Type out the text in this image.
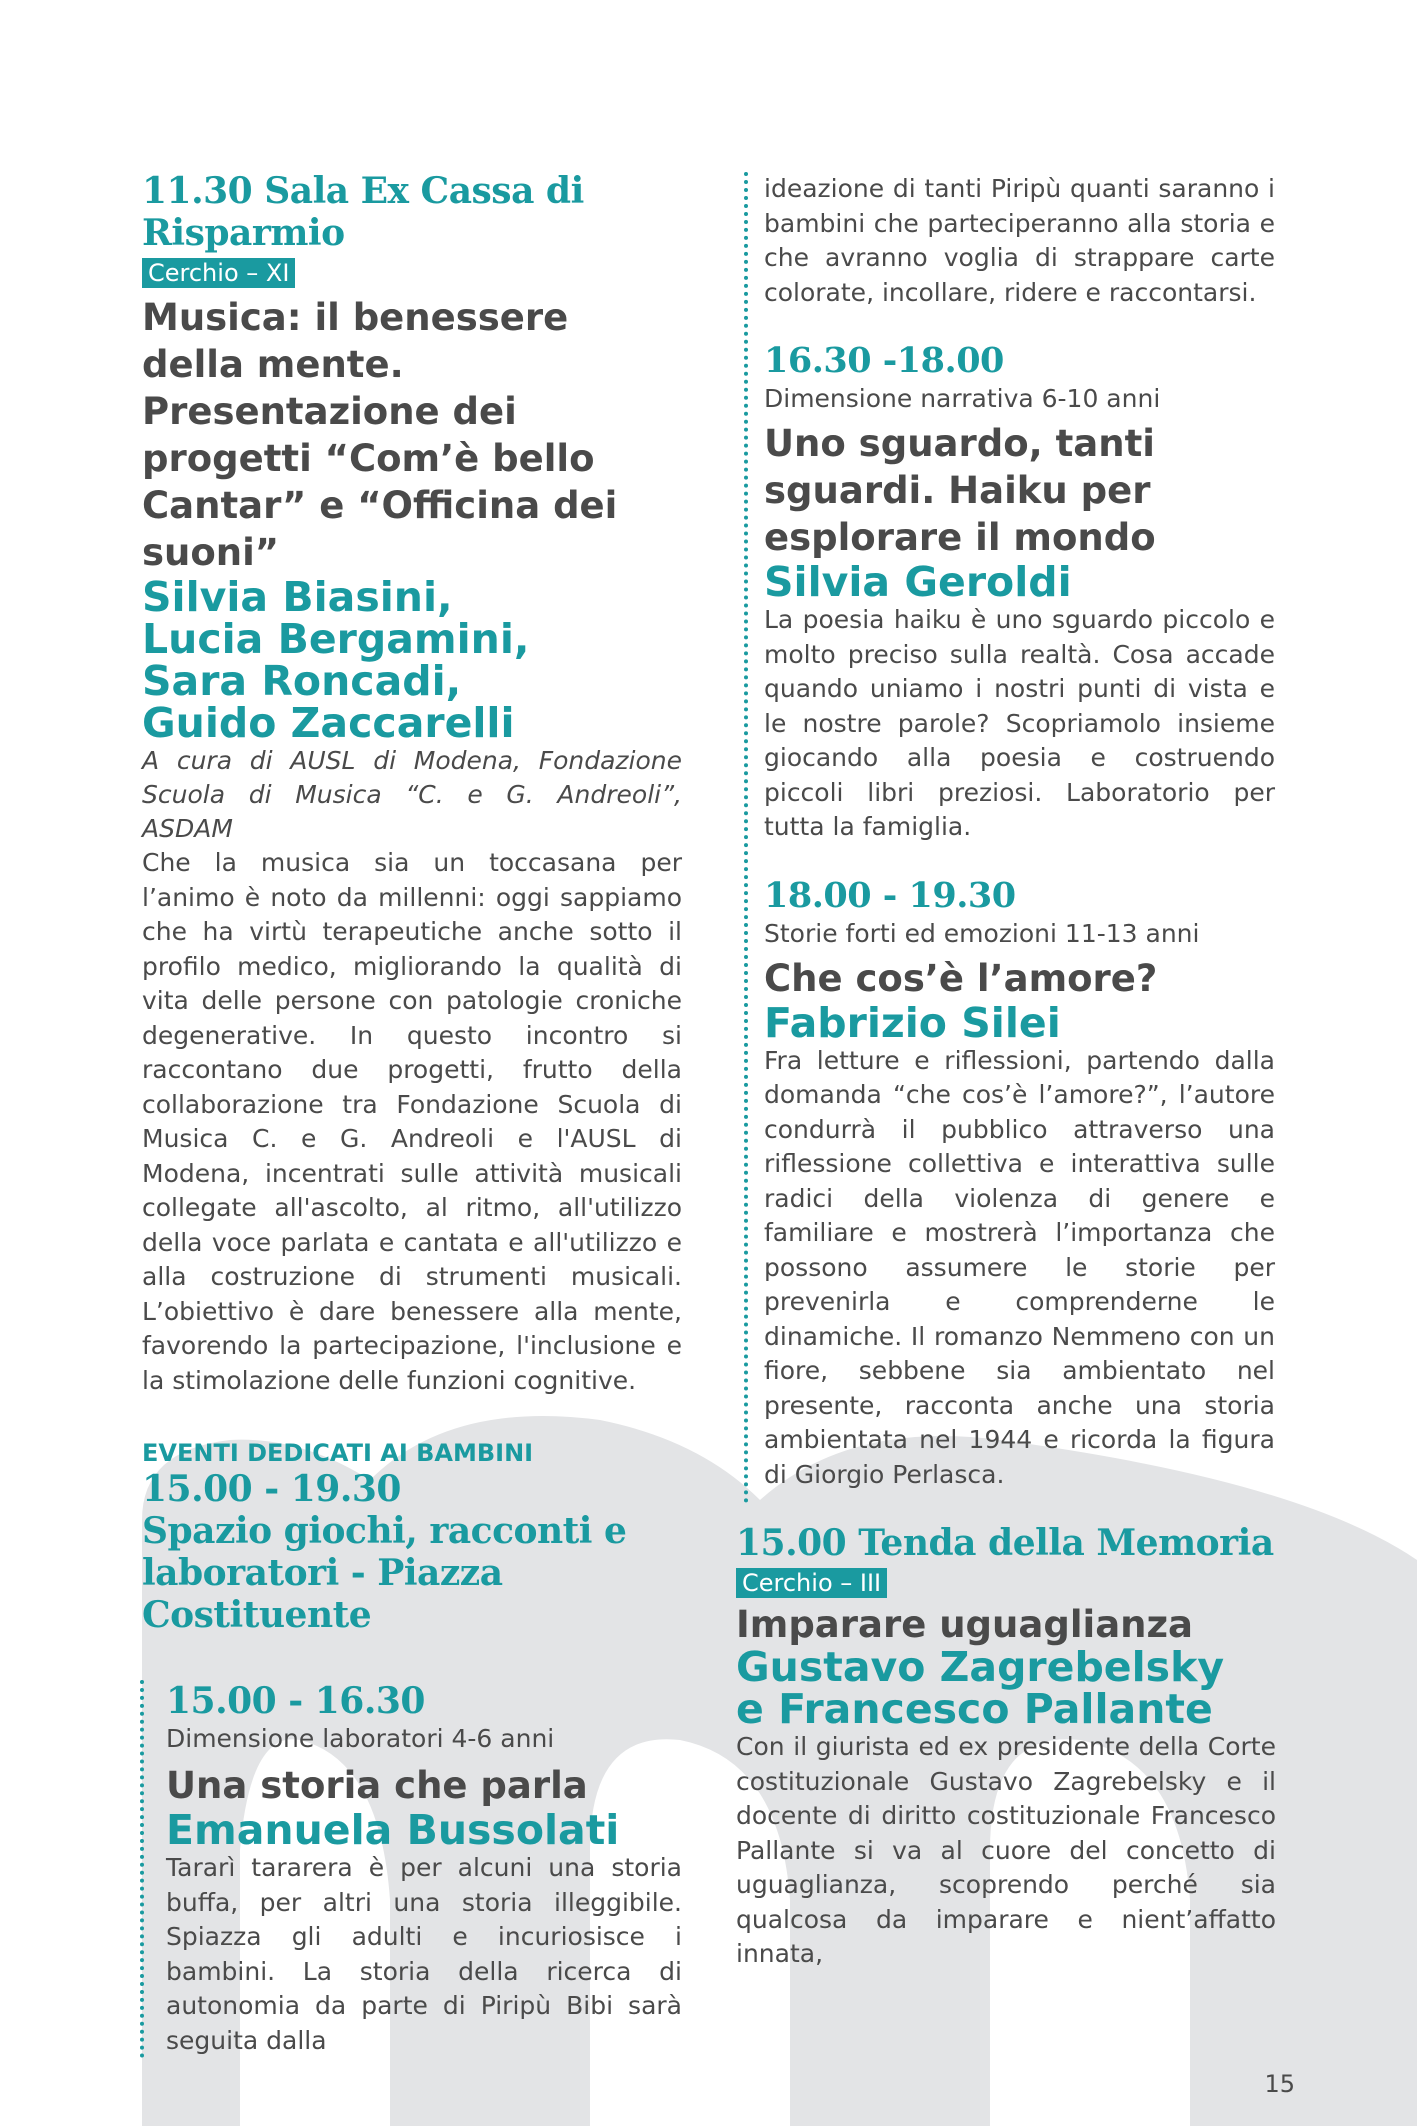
11.30 Sala Ex Cassa di Risparmio
Cerchio – XI
Musica: il benessere della mente. Presentazione dei progetti “Com’è bello Cantar” e “Officina dei suoni”
Silvia Biasini,
Lucia Bergamini,
Sara Roncadi,
Guido Zaccarelli
A cura di AUSL di Modena, Fondazione Scuola di Musica “C. e G. Andreoli”, ASDAM
Che la musica sia un toccasana per l’animo è noto da millenni: oggi sappiamo che ha virtù terapeutiche anche sotto il profilo medico, migliorando la qualità di vita delle persone con patologie croniche degenerative. In questo incontro si raccontano due progetti, frutto della collaborazione tra Fondazione Scuola di Musica C. e G. Andreoli e l'AUSL di Modena, incentrati sulle attività musicali collegate all'ascolto, al ritmo, all'utilizzo della voce parlata e cantata e all'utilizzo e alla costruzione di strumenti musicali. L’obiettivo è dare benessere alla mente, favorendo la partecipazione, l'inclusione e la stimolazione delle funzioni cognitive.
EVENTI DEDICATI AI BAMBINI
15.00 - 19.30
Spazio giochi, racconti e laboratori - Piazza Costituente
15.00 - 16.30
Dimensione laboratori 4-6 anni
Una storia che parla
Emanuela Bussolati
Tararì tararera è per alcuni una storia buffa, per altri una storia illeggibile. Spiazza gli adulti e incuriosisce i bambini. La storia della ricerca di autonomia da parte di Piripù Bibi sarà seguita dalla
ideazione di tanti Piripù quanti saranno i bambini che parteciperanno alla storia e che avranno voglia di strappare carte colorate, incollare, ridere e raccontarsi.
16.30 -18.00
Dimensione narrativa 6-10 anni
Uno sguardo, tanti sguardi. Haiku per esplorare il mondo
Silvia Geroldi
La poesia haiku è uno sguardo piccolo e molto preciso sulla realtà. Cosa accade quando uniamo i nostri punti di vista e le nostre parole? Scopriamolo insieme giocando alla poesia e costruendo piccoli libri preziosi. Laboratorio per tutta la famiglia.
18.00 - 19.30
Storie forti ed emozioni 11-13 anni
Che cos’è l’amore?
Fabrizio Silei
Fra letture e riflessioni, partendo dalla domanda “che cos’è l’amore?”, l’autore condurrà il pubblico attraverso una riflessione collettiva e interattiva sulle radici della violenza di genere e familiare e mostrerà l’importanza che possono assumere le storie per prevenirla e comprenderne le dinamiche. Il romanzo Nemmeno con un fiore, sebbene sia ambientato nel presente, racconta anche una storia ambientata nel 1944 e ricorda la figura di Giorgio Perlasca.
15.00 Tenda della Memoria
Cerchio – III
Imparare uguaglianza
Gustavo Zagrebelsky
e Francesco Pallante
Con il giurista ed ex presidente della Corte costituzionale Gustavo Zagrebelsky e il docente di diritto costituzionale Francesco Pallante si va al cuore del concetto di uguaglianza, scoprendo perché sia qualcosa da imparare e nient’affatto innata,
15
